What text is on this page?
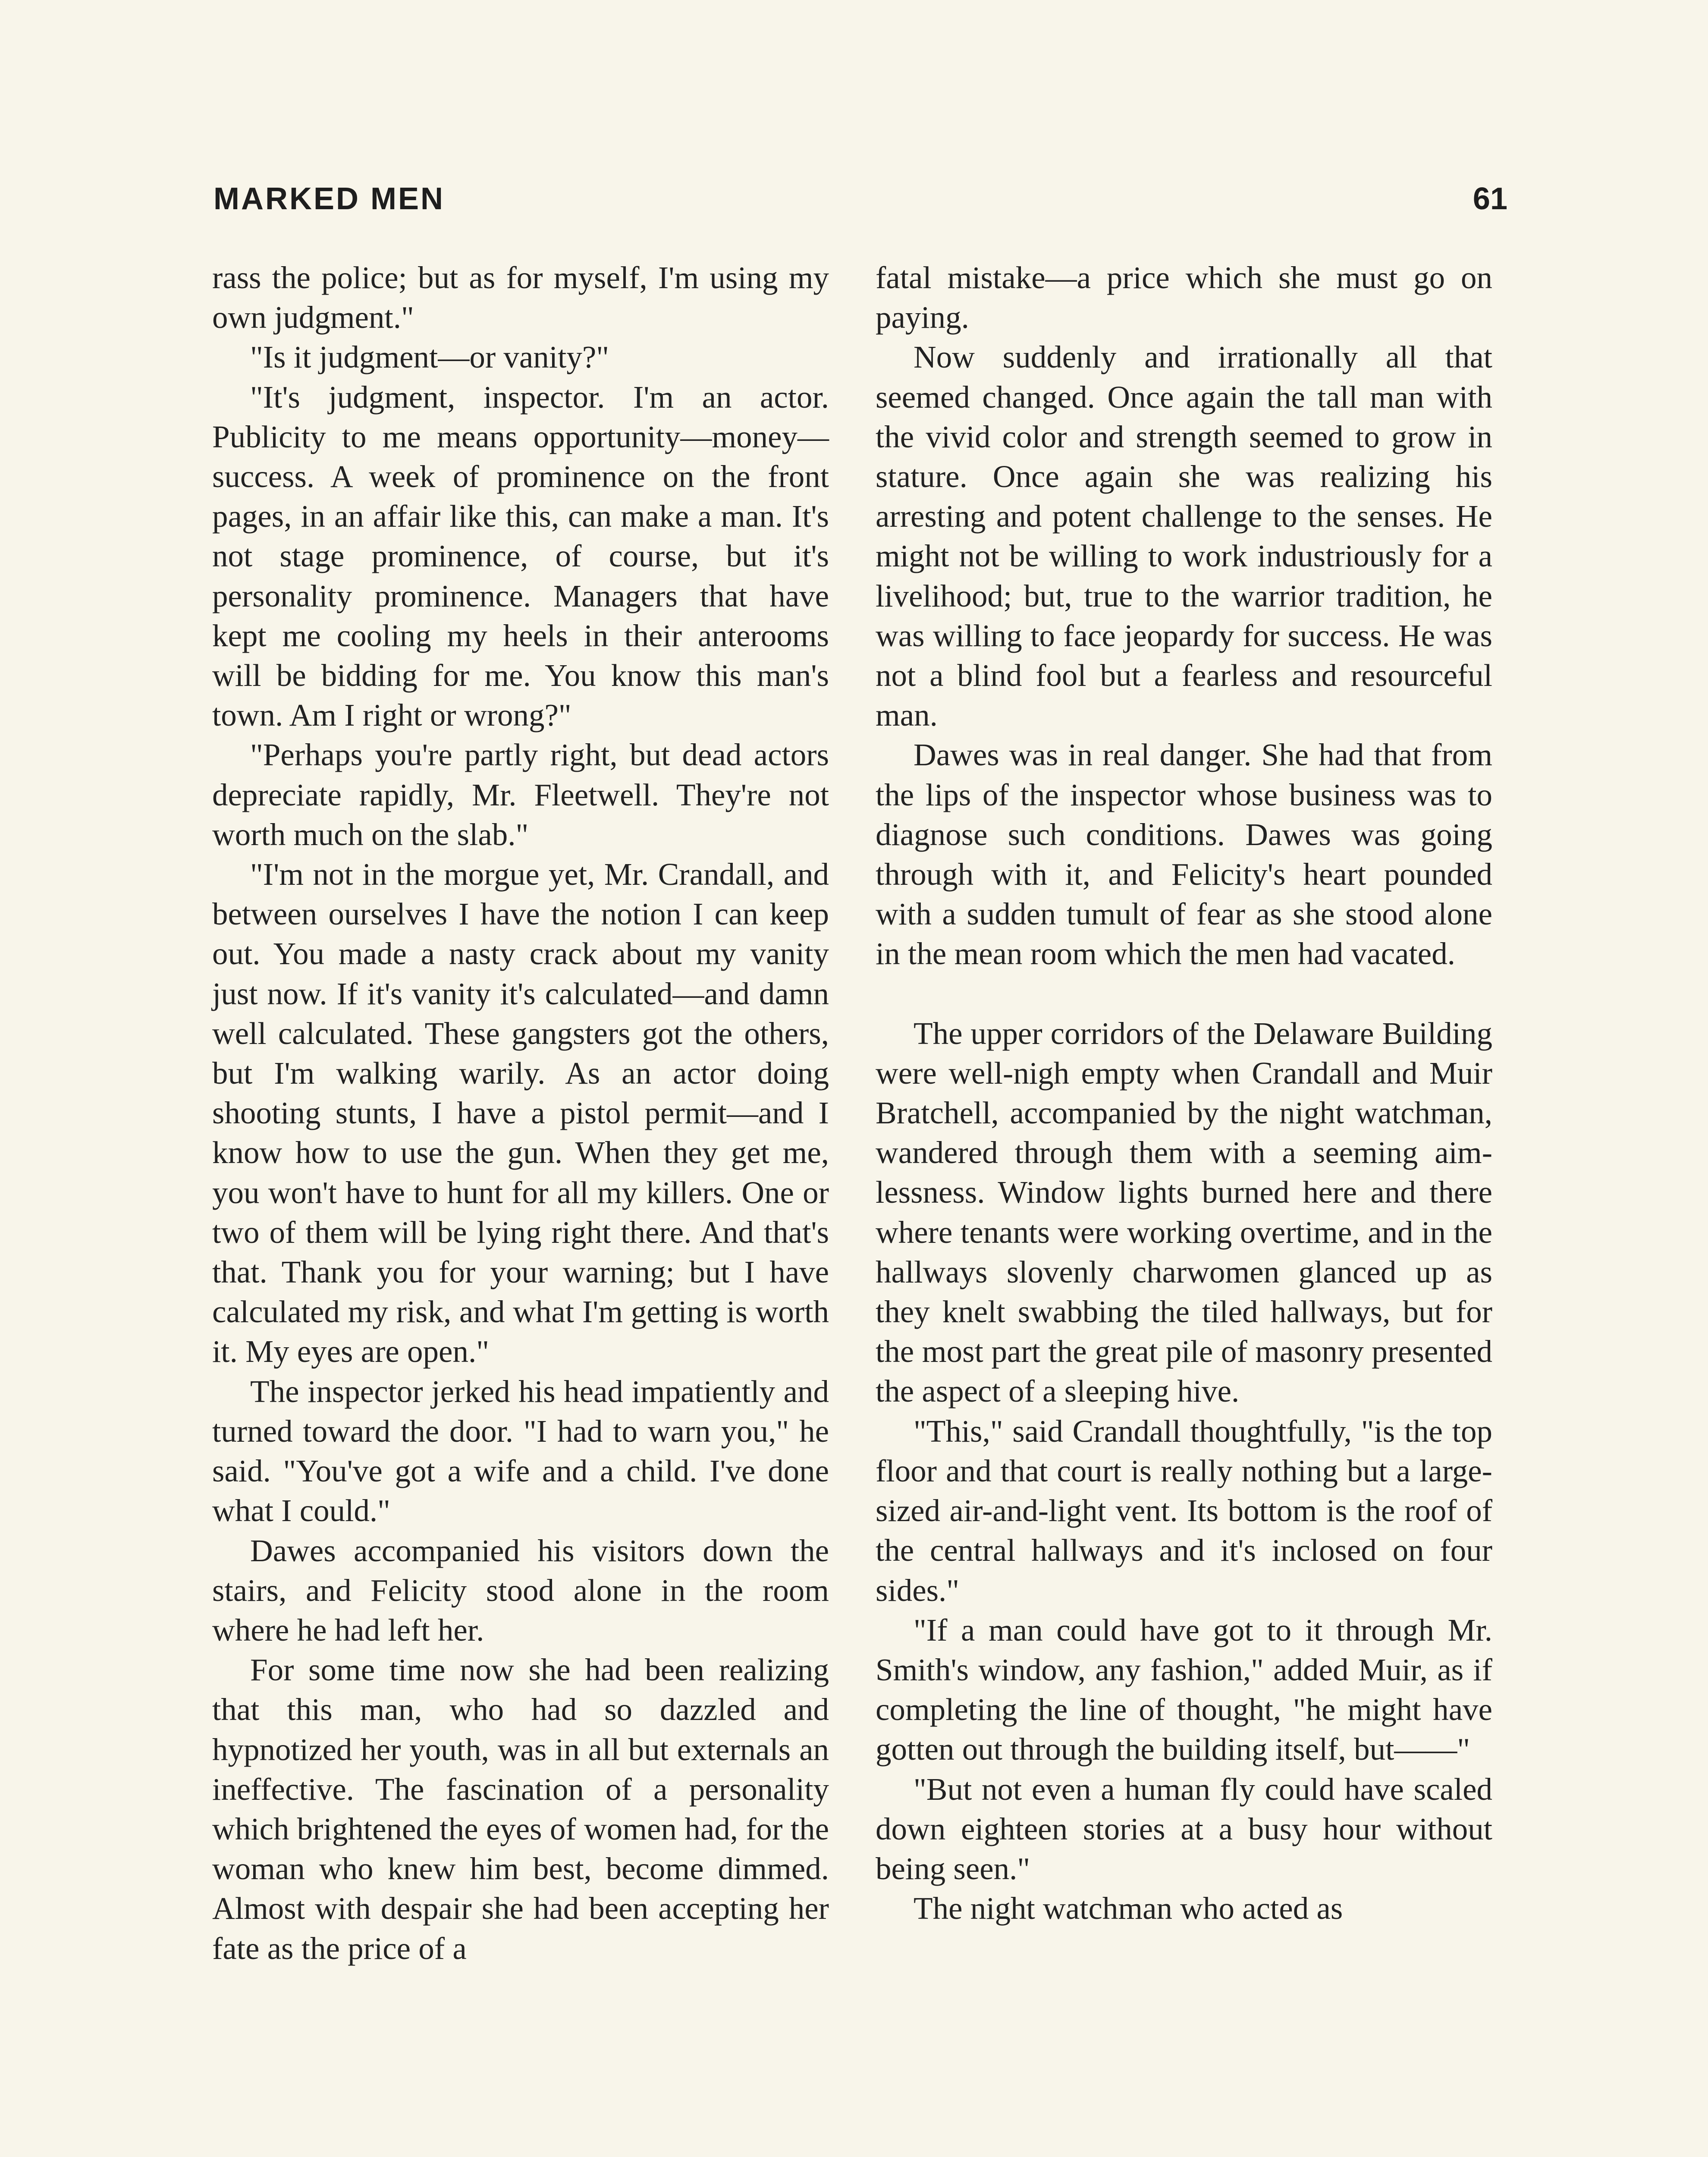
MARKED MEN	61

rass the police; but as for myself, I'm using my own judgment."

"Is it judgment—or vanity?"

"It's judgment, inspector. I'm an actor. Publicity to me means opportunity—money—success. A week of prominence on the front pages, in an affair like this, can make a man. It's not stage prominence, of course, but it's personality prominence. Managers that have kept me cooling my heels in their anterooms will be bidding for me. You know this man's town. Am I right or wrong?"

"Perhaps you're partly right, but dead actors depreciate rapidly, Mr. Fleetwell. They're not worth much on the slab."

"I'm not in the morgue yet, Mr. Crandall, and between ourselves I have the notion I can keep out. You made a nasty crack about my vanity just now. If it's vanity it's calculated—and damn well calculated. These gangsters got the others, but I'm walking warily. As an actor doing shooting stunts, I have a pistol permit—and I know how to use the gun. When they get me, you won't have to hunt for all my killers. One or two of them will be lying right there. And that's that. Thank you for your warning; but I have calculated my risk, and what I'm getting is worth it. My eyes are open."

The inspector jerked his head impatiently and turned toward the door. "I had to warn you," he said. "You've got a wife and a child. I've done what I could."

Dawes accompanied his visitors down the stairs, and Felicity stood alone in the room where he had left her.

For some time now she had been realizing that this man, who had so dazzled and hypnotized her youth, was in all but externals an ineffective. The fascination of a personality which brightened the eyes of women had, for the woman who knew him best, become dimmed. Almost with despair she had been accepting her fate as the price of a

fatal mistake—a price which she must go on paying.

Now suddenly and irrationally all that seemed changed. Once again the tall man with the vivid color and strength seemed to grow in stature. Once again she was realizing his arresting and potent challenge to the senses. He might not be willing to work industriously for a livelihood; but, true to the warrior tradition, he was willing to face jeopardy for success. He was not a blind fool but a fearless and resourceful man.

Dawes was in real danger. She had that from the lips of the inspector whose business was to diagnose such conditions. Dawes was going through with it, and Felicity's heart pounded with a sudden tumult of fear as she stood alone in the mean room which the men had vacated.

The upper corridors of the Delaware Building were well-nigh empty when Crandall and Muir Bratchell, accompanied by the night watchman, wandered through them with a seeming aimlessness. Window lights burned here and there where tenants were working overtime, and in the hallways slovenly charwomen glanced up as they knelt swabbing the tiled hallways, but for the most part the great pile of masonry presented the aspect of a sleeping hive.

"This," said Crandall thoughtfully, "is the top floor and that court is really nothing but a large-sized air-and-light vent. Its bottom is the roof of the central hallways and it's inclosed on four sides."

"If a man could have got to it through Mr. Smith's window, any fashion," added Muir, as if completing the line of thought, "he might have gotten out through the building itself, but——"

"But not even a human fly could have scaled down eighteen stories at a busy hour without being seen."

The night watchman who acted as
